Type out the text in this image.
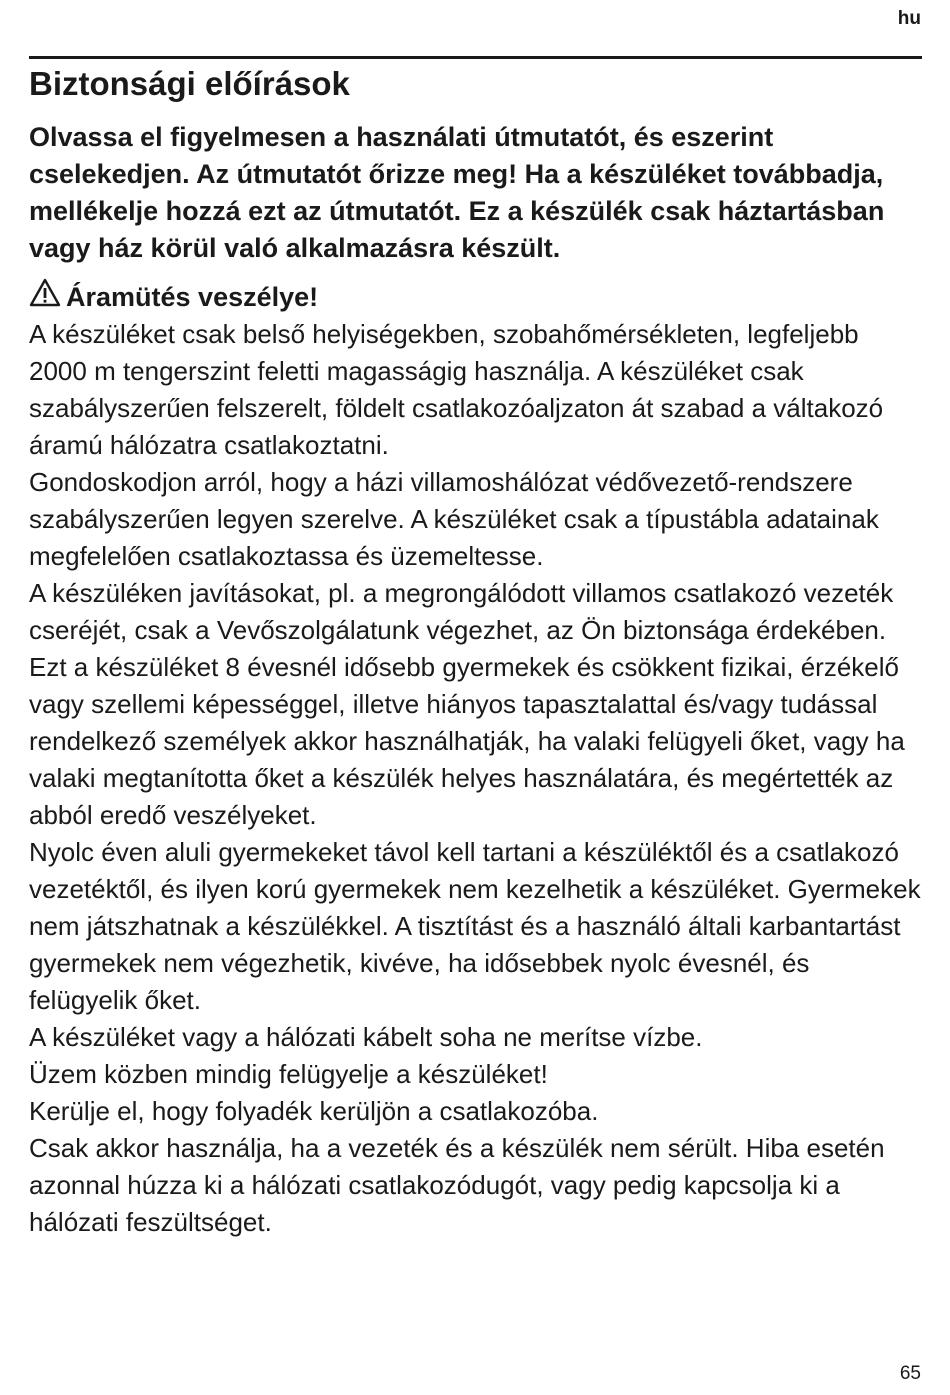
hu
Biztonsági előírások

Olvassa el figyelmesen a használati útmutatót, és eszerint cselekedjen. Az útmutatót őrizze meg! Ha a készüléket továbbadja, mellékelje hozzá ezt az útmutatót. Ez a készülék csak háztartásban vagy ház körül való alkalmazásra készült.

Áramütés veszélye!

A készüléket csak belső helyiségekben, szobahőmérsékleten, legfeljebb 2000 m tengerszint feletti magasságig használja. A készüléket csak szabályszerűen felszerelt, földelt csatlakozóaljzaton át szabad a váltakozó áramú hálózatra csatlakoztatni.

Gondoskodjon arról, hogy a házi villamoshálózat védővezető-rendszere szabályszerűen legyen szerelve. A készüléket csak a típustábla adatainak megfelelően csatlakoztassa és üzemeltesse.

A készüléken javításokat, pl. a megrongálódott villamos csatlakozó vezeték cseréjét, csak a Vevőszolgálatunk végezhet, az Ön biztonsága érdekében.

Ezt a készüléket 8 évesnél idősebb gyermekek és csökkent fizikai, érzékelő vagy szellemi képességgel, illetve hiányos tapasztalattal és/vagy tudással rendelkező személyek akkor használhatják, ha valaki felügyeli őket, vagy ha valaki megtanította őket a készülék helyes használatára, és megértették az abból eredő veszélyeket.

Nyolc éven aluli gyermekeket távol kell tartani a készüléktől és a csatlakozó vezetéktől, és ilyen korú gyermekek nem kezelhetik a készüléket. Gyermekek nem játszhatnak a készülékkel. A tisztítást és a használó általi karbantartást gyermekek nem végezhetik, kivéve, ha idősebbek nyolc évesnél, és felügyelik őket.

A készüléket vagy a hálózati kábelt soha ne merítse vízbe.

Üzem közben mindig felügyelje a készüléket!

Kerülje el, hogy folyadék kerüljön a csatlakozóba.

Csak akkor használja, ha a vezeték és a készülék nem sérült. Hiba esetén azonnal húzza ki a hálózati csatlakozódugót, vagy pedig kapcsolja ki a hálózati feszültséget.

65
